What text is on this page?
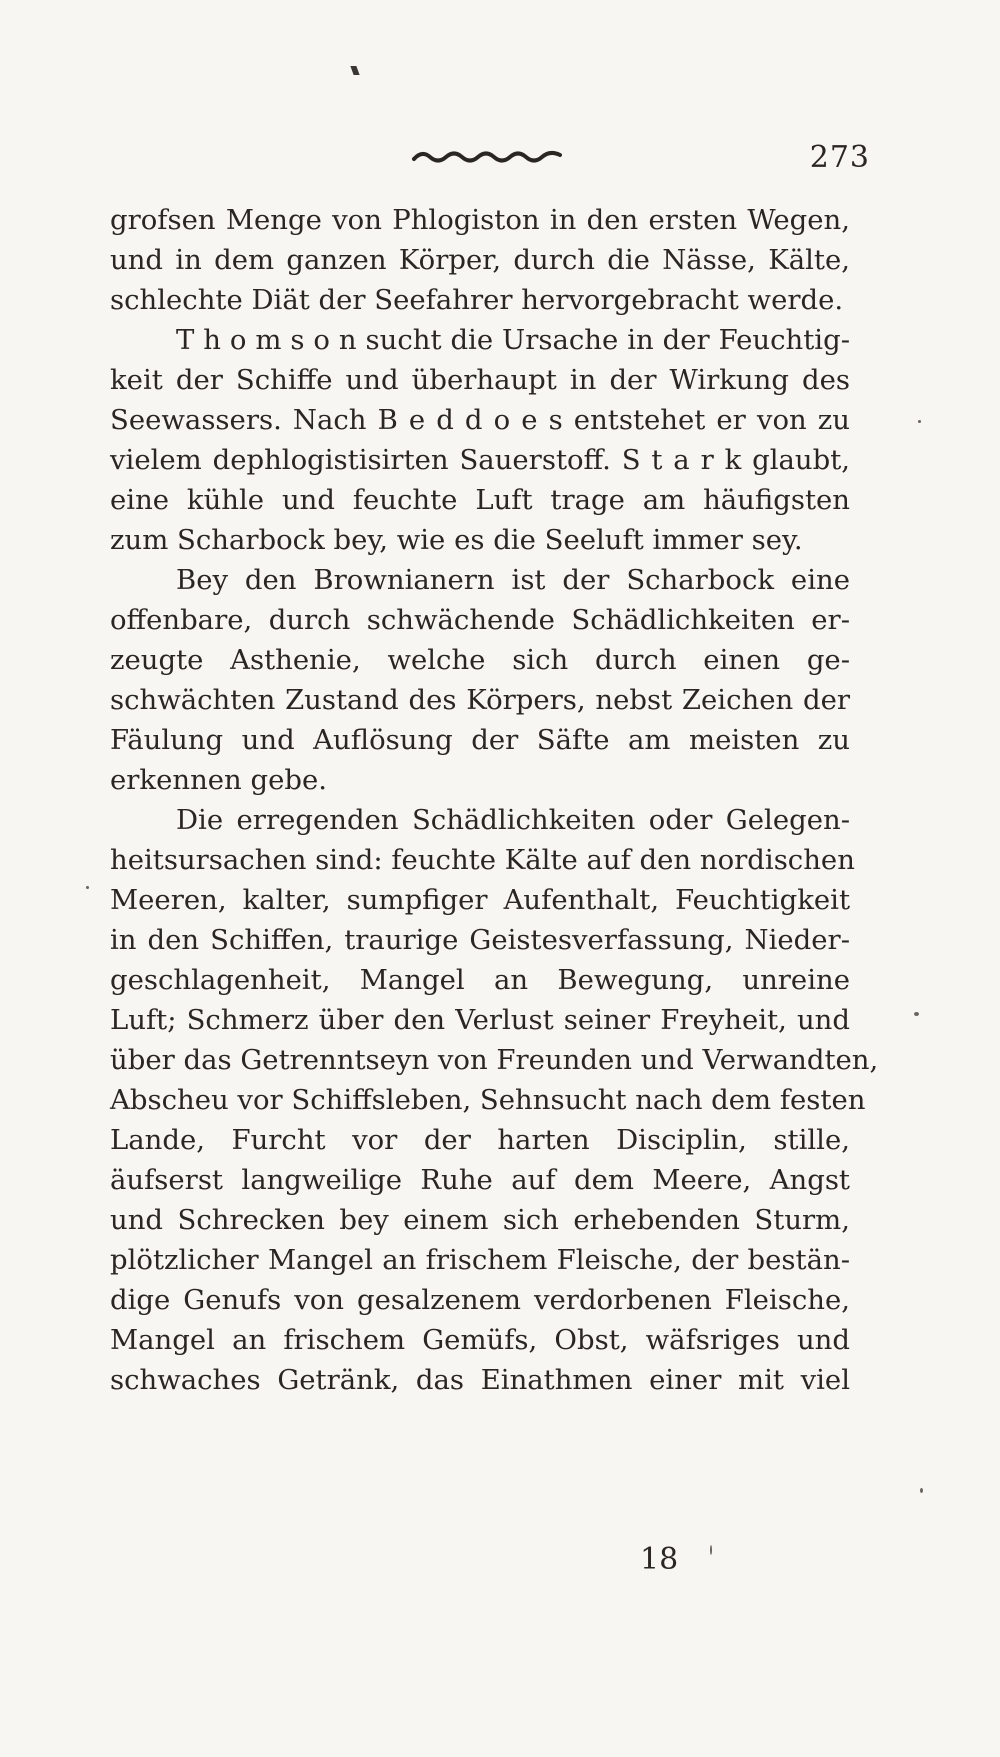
273
grofsen Menge von Phlogiston in den ersten Wegen,
und in dem ganzen Körper, durch die Nässe, Kälte,
schlechte Diät der Seefahrer hervorgebracht werde.
T h o m s o n sucht die Ursache in der Feuchtig-
keit der Schiffe und überhaupt in der Wirkung des
Seewassers. Nach B e d d o e s entstehet er von zu
vielem dephlogistisirten Sauerstoff. S t a r k glaubt,
eine kühle und feuchte Luft trage am häufigsten
zum Scharbock bey, wie es die Seeluft immer sey.
Bey den Brownianern ist der Scharbock eine
offenbare, durch schwächende Schädlichkeiten er-
zeugte Asthenie, welche sich durch einen ge-
schwächten Zustand des Körpers, nebst Zeichen der
Fäulung und Auflösung der Säfte am meisten zu
erkennen gebe.
Die erregenden Schädlichkeiten oder Gelegen-
heitsursachen sind: feuchte Kälte auf den nordischen
Meeren, kalter, sumpfiger Aufenthalt, Feuchtigkeit
in den Schiffen, traurige Geistesverfassung, Nieder-
geschlagenheit, Mangel an Bewegung, unreine
Luft; Schmerz über den Verlust seiner Freyheit, und
über das Getrenntseyn von Freunden und Verwandten,
Abscheu vor Schiffsleben, Sehnsucht nach dem festen
Lande, Furcht vor der harten Disciplin, stille,
äufserst langweilige Ruhe auf dem Meere, Angst
und Schrecken bey einem sich erhebenden Sturm,
plötzlicher Mangel an frischem Fleische, der bestän-
dige Genufs von gesalzenem verdorbenen Fleische,
Mangel an frischem Gemüfs, Obst, wäfsriges und
schwaches Getränk, das Einathmen einer mit viel
18
